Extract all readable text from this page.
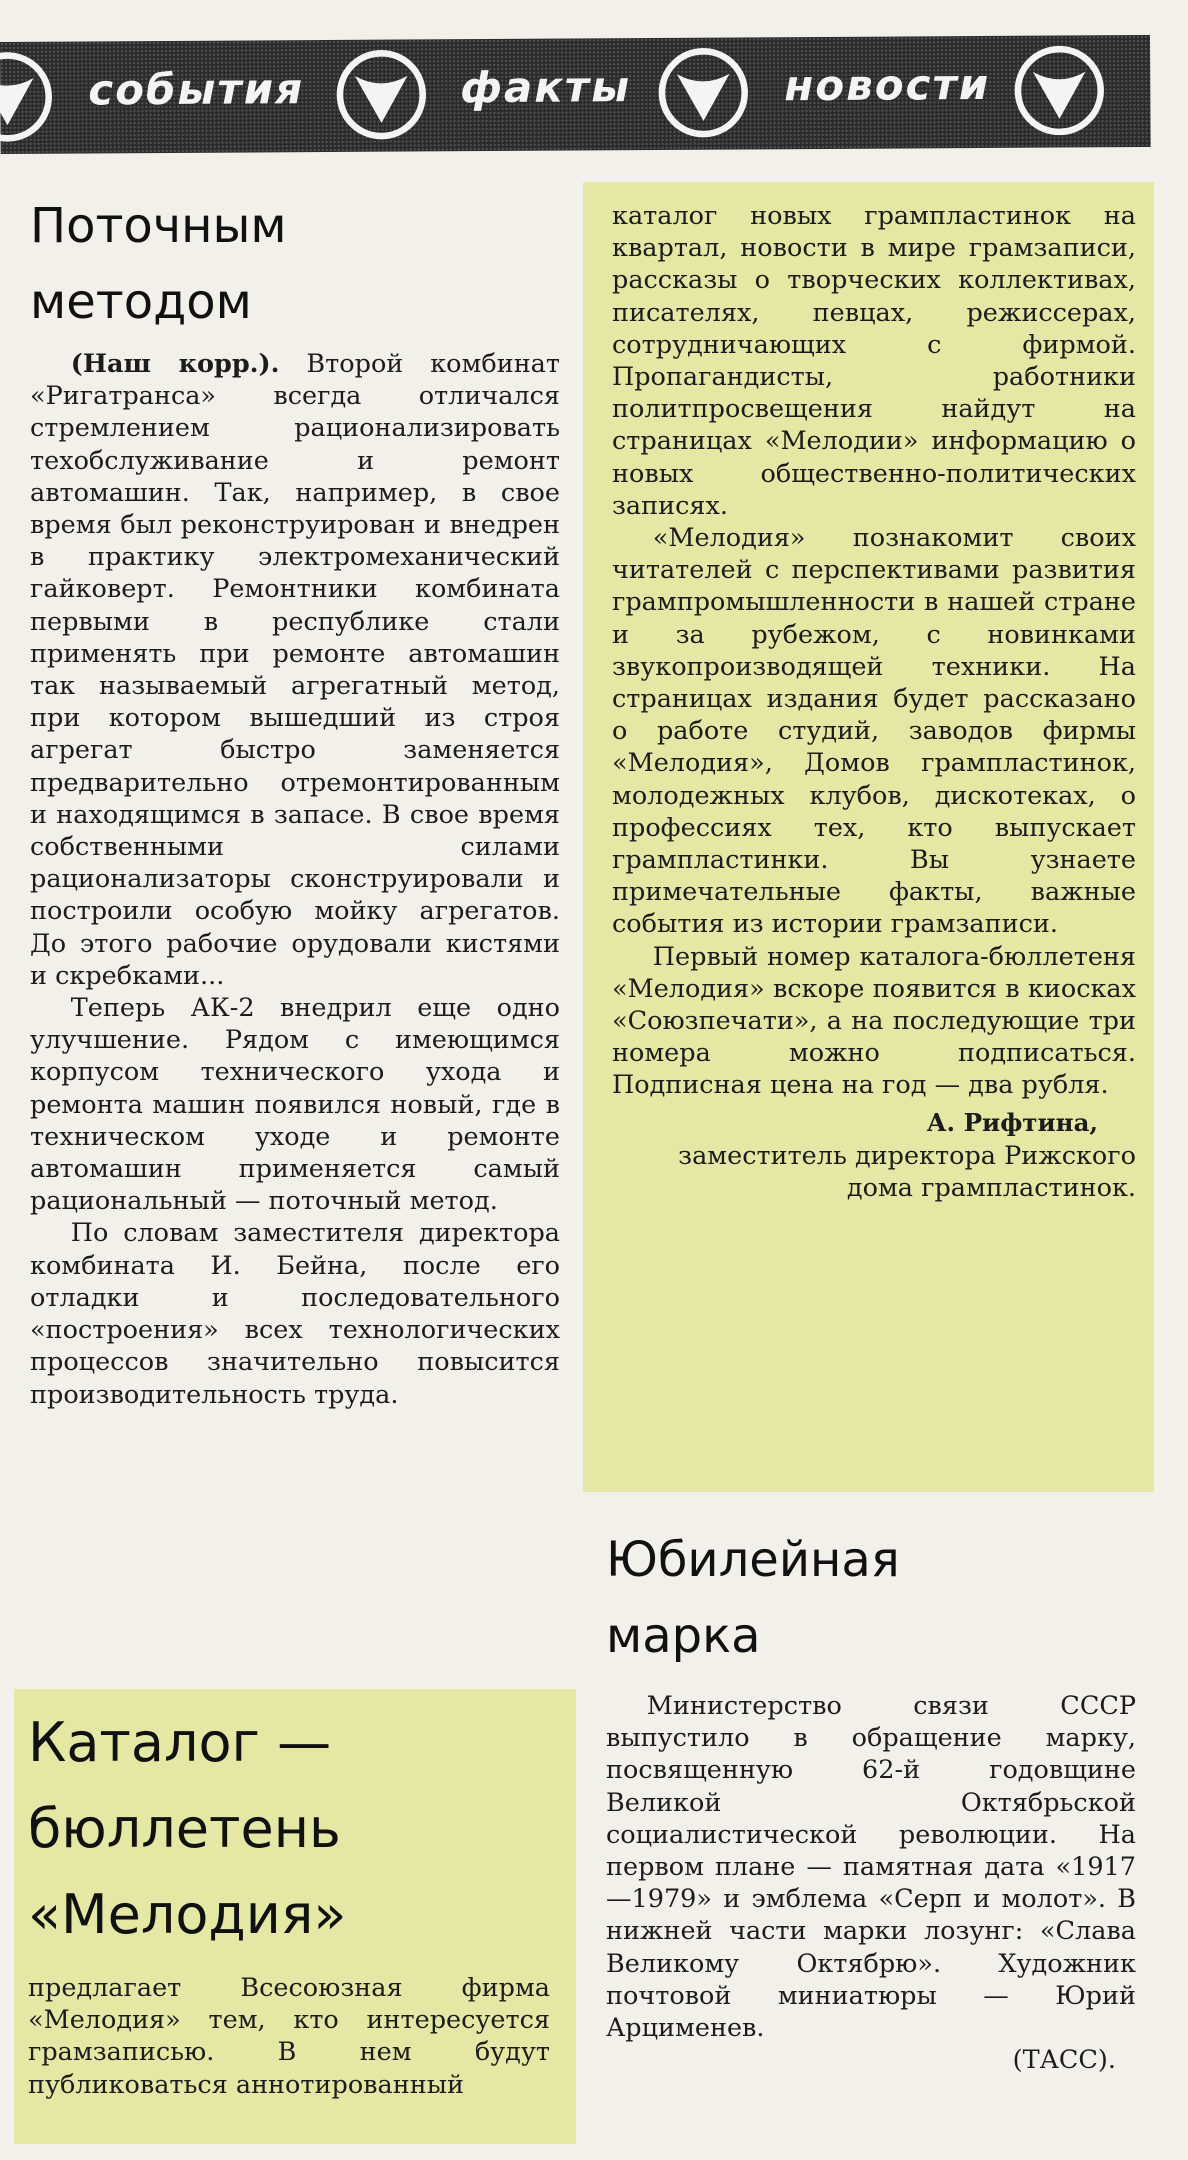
события	факты	новости
Поточным методом

(Наш корр.). Второй комбинат «Ригатранса» всегда отличался стремлением рационализировать техобслуживание и ремонт автомашин. Так, например, в свое время был реконструирован и внедрен в практику электромеханический гайковерт. Ремонтники комбината первыми в республике стали применять при ремонте автомашин так называемый агрегатный метод, при котором вышедший из строя агрегат быстро заменяется предварительно отремонтированным и находящимся в запасе. В свое время собственными силами рационализаторы сконструировали и построили особую мойку агрегатов. До этого рабочие орудовали кистями и скребками...

Теперь АК-2 внедрил еще одно улучшение. Рядом с имеющимся корпусом технического ухода и ремонта машин появился новый, где в техническом уходе и ремонте автомашин применяется самый рациональный — поточный метод.

По словам заместителя директора комбината И. Бейна, после его отладки и последовательного «построения» всех технологических процессов значительно повысится производительность труда.

Каталог — бюллетень «Мелодия»

предлагает Всесоюзная фирма «Мелодия» тем, кто интересуется грамзаписью. В нем будут публиковаться аннотированный

каталог новых грампластинок на квартал, новости в мире грамзаписи, рассказы о творческих коллективах, писателях, певцах, режиссерах, сотрудничающих с фирмой. Пропагандисты, работники политпросвещения найдут на страницах «Мелодии» информацию о новых общественно-политических записях.

«Мелодия» познакомит своих читателей с перспективами развития грампромышленности в нашей стране и за рубежом, с новинками звукопроизводящей техники. На страницах издания будет рассказано о работе студий, заводов фирмы «Мелодия», Домов грампластинок, молодежных клубов, дискотеках, о профессиях тех, кто выпускает грампластинки. Вы узнаете примечательные факты, важные события из истории грамзаписи.

Первый номер каталога-бюллетеня «Мелодия» вскоре появится в киосках «Союзпечати», а на последующие три номера можно подписаться. Подписная цена на год — два рубля.

А. Рифтина,
заместитель директора Рижского дома грампластинок.
Юбилейная марка

Министерство связи СССР выпустило в обращение марку, посвященную 62-й годовщине Великой Октябрьской социалистической революции. На первом плане — памятная дата «1917—1979» и эмблема «Серп и молот». В нижней части марки лозунг: «Слава Великому Октябрю». Художник почтовой миниатюры — Юрий Арцименев.

(ТАСС).
